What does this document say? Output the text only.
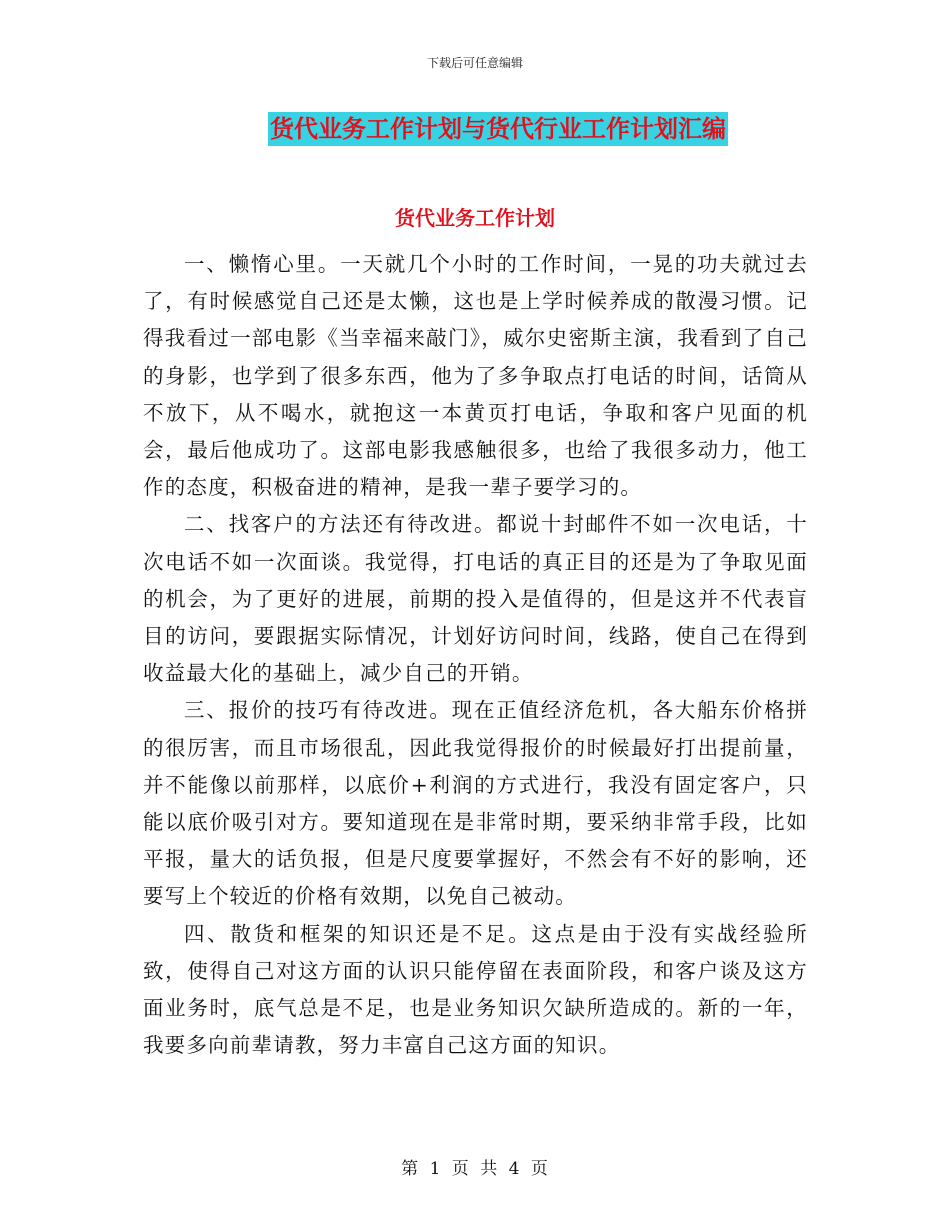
下载后可任意编辑
货代业务工作计划与货代行业工作计划汇编
货代业务工作计划

一、懒惰心里。一天就几个小时的工作时间，一晃的功夫就过去了，有时候感觉自己还是太懒，这也是上学时候养成的散漫习惯。记得我看过一部电影《当幸福来敲门》，威尔史密斯主演，我看到了自己的身影，也学到了很多东西，他为了多争取点打电话的时间，话筒从不放下，从不喝水，就抱这一本黄页打电话，争取和客户见面的机会，最后他成功了。这部电影我感触很多，也给了我很多动力，他工作的态度，积极奋进的精神，是我一辈子要学习的。

二、找客户的方法还有待改进。都说十封邮件不如一次电话，十次电话不如一次面谈。我觉得，打电话的真正目的还是为了争取见面的机会，为了更好的进展，前期的投入是值得的，但是这并不代表盲目的访问，要跟据实际情况，计划好访问时间，线路，使自己在得到收益最大化的基础上，减少自己的开销。

三、报价的技巧有待改进。现在正值经济危机，各大船东价格拼的很厉害，而且市场很乱，因此我觉得报价的时候最好打出提前量，并不能像以前那样，以底价+利润的方式进行，我没有固定客户，只能以底价吸引对方。要知道现在是非常时期，要采纳非常手段，比如平报，量大的话负报，但是尺度要掌握好，不然会有不好的影响，还要写上个较近的价格有效期，以免自己被动。

四、散货和框架的知识还是不足。这点是由于没有实战经验所致，使得自己对这方面的认识只能停留在表面阶段，和客户谈及这方面业务时，底气总是不足，也是业务知识欠缺所造成的。新的一年，我要多向前辈请教，努力丰富自己这方面的知识。

第 1 页 共 4 页
